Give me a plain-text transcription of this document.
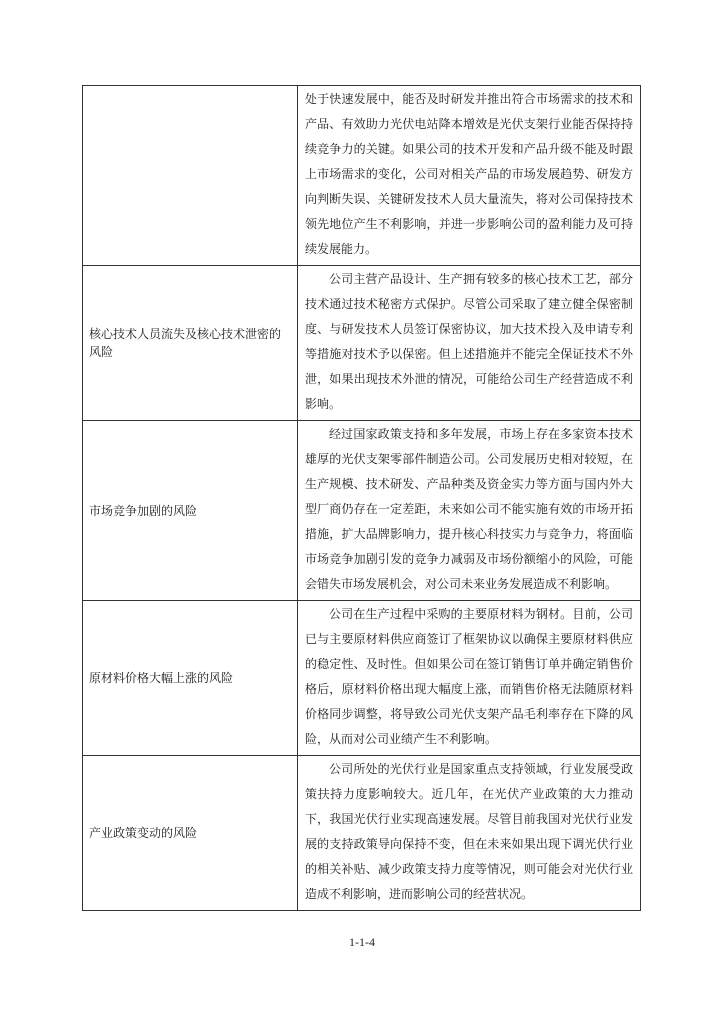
	处于快速发展中，能否及时研发并推出符合市场需求的技术和产品、有效助力光伏电站降本增效是光伏支架行业能否保持持续竞争力的关键。如果公司的技术开发和产品升级不能及时跟上市场需求的变化，公司对相关产品的市场发展趋势、研发方向判断失误、关键研发技术人员大量流失，将对公司保持技术领先地位产生不利影响，并进一步影响公司的盈利能力及可持续发展能力。
核心技术人员流失及核心技术泄密的风险	公司主营产品设计、生产拥有较多的核心技术工艺，部分技术通过技术秘密方式保护。尽管公司采取了建立健全保密制度、与研发技术人员签订保密协议，加大技术投入及申请专利等措施对技术予以保密。但上述措施并不能完全保证技术不外泄，如果出现技术外泄的情况，可能给公司生产经营造成不利影响。
市场竞争加剧的风险	经过国家政策支持和多年发展，市场上存在多家资本技术雄厚的光伏支架零部件制造公司。公司发展历史相对较短，在生产规模、技术研发、产品种类及资金实力等方面与国内外大型厂商仍存在一定差距，未来如公司不能实施有效的市场开拓措施，扩大品牌影响力，提升核心科技实力与竞争力，将面临市场竞争加剧引发的竞争力减弱及市场份额缩小的风险，可能会错失市场发展机会，对公司未来业务发展造成不利影响。
原材料价格大幅上涨的风险	公司在生产过程中采购的主要原材料为钢材。目前，公司已与主要原材料供应商签订了框架协议以确保主要原材料供应的稳定性、及时性。但如果公司在签订销售订单并确定销售价格后，原材料价格出现大幅度上涨，而销售价格无法随原材料价格同步调整，将导致公司光伏支架产品毛利率存在下降的风险，从而对公司业绩产生不利影响。
产业政策变动的风险	公司所处的光伏行业是国家重点支持领域，行业发展受政策扶持力度影响较大。近几年，在光伏产业政策的大力推动下，我国光伏行业实现高速发展。尽管目前我国对光伏行业发展的支持政策导向保持不变，但在未来如果出现下调光伏行业的相关补贴、减少政策支持力度等情况，则可能会对光伏行业造成不利影响，进而影响公司的经营状况。
1-1-4
